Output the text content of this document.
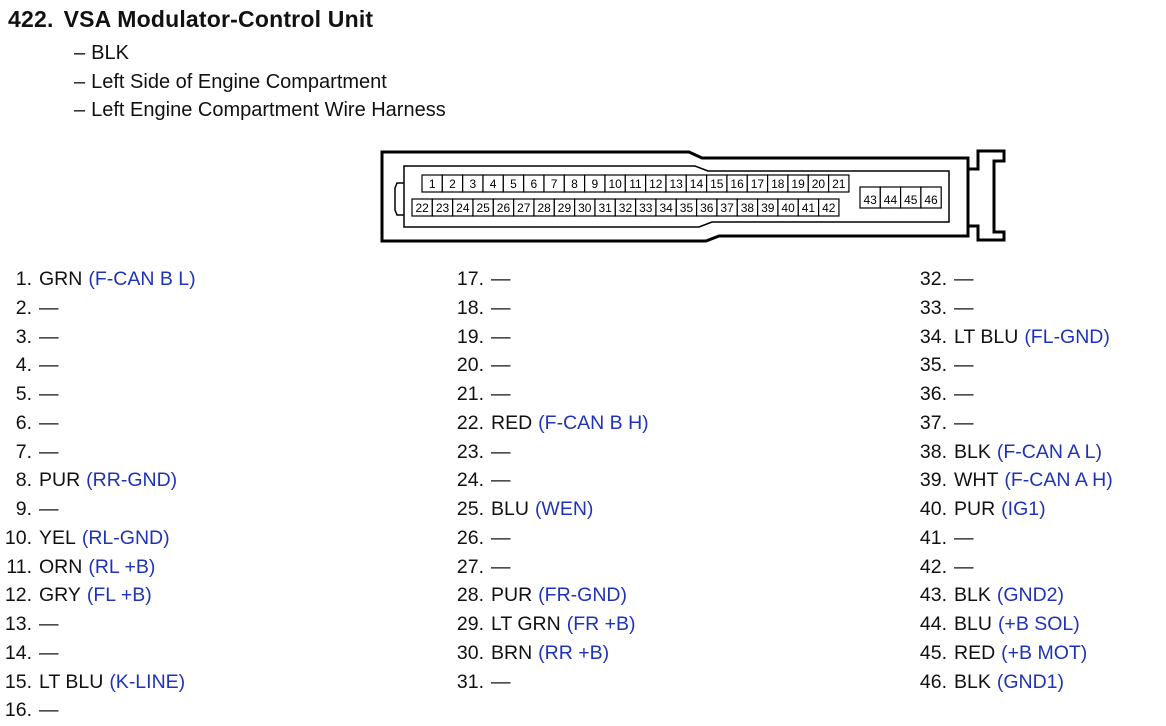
422. VSA Modulator-Control Unit
– BLK
– Left Side of Engine Compartment
– Left Engine Compartment Wire Harness
1 2 3 4 5 6 7 8 9 10 11 12 13 14 15 16 17 18 19 20 21
22 23 24 25 26 27 28 29 30 31 32 33 34 35 36 37 38 39 40 41 42
43 44 45 46
1. GRN (F-CAN B L)
2. —
3. —
4. —
5. —
6. —
7. —
8. PUR (RR-GND)
9. —
10. YEL (RL-GND)
11. ORN (RL +B)
12. GRY (FL +B)
13. —
14. —
15. LT BLU (K-LINE)
16. —
17. —
18. —
19. —
20. —
21. —
22. RED (F-CAN B H)
23. —
24. —
25. BLU (WEN)
26. —
27. —
28. PUR (FR-GND)
29. LT GRN (FR +B)
30. BRN (RR +B)
31. —
32. —
33. —
34. LT BLU (FL-GND)
35. —
36. —
37. —
38. BLK (F-CAN A L)
39. WHT (F-CAN A H)
40. PUR (IG1)
41. —
42. —
43. BLK (GND2)
44. BLU (+B SOL)
45. RED (+B MOT)
46. BLK (GND1)
